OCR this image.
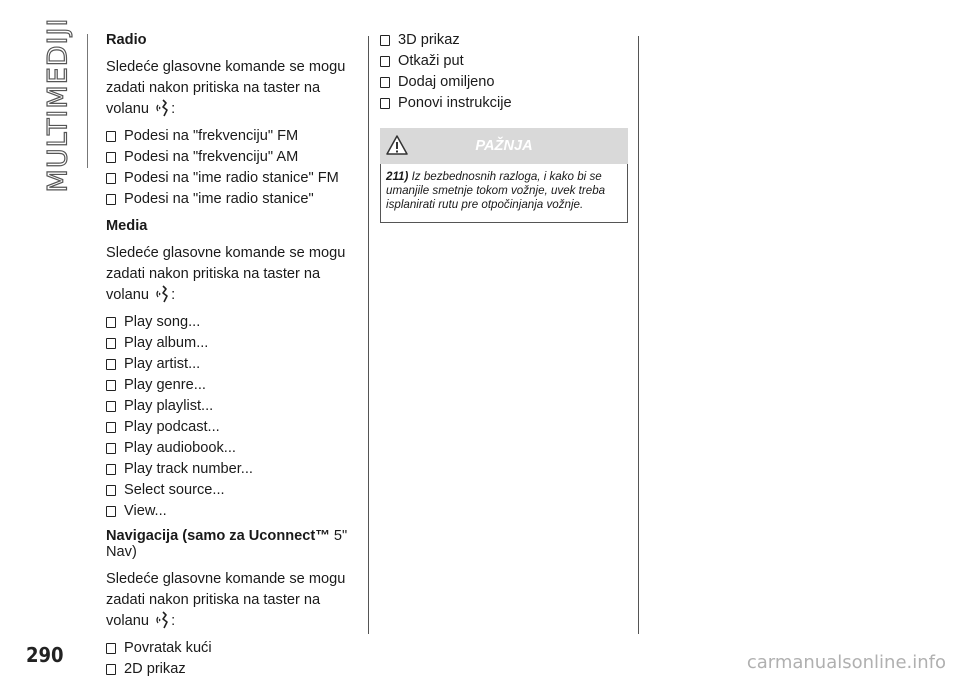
MULTIMEDIJI Radio

Sledeće glasovne komande se mogu zadati nakon pritiska na taster na volanu :

Podesi na "frekvenciju" FM
Podesi na "frekvenciju" AM
Podesi na "ime radio stanice" FM
Podesi na "ime radio stanice"
Media

Sledeće glasovne komande se mogu zadati nakon pritiska na taster na volanu :

Play song...
Play album...
Play artist...
Play genre...
Play playlist...
Play podcast...
Play audiobook...
Play track number...
Select source...
View...
Navigacija (samo za Uconnect™ 5" Nav)

Sledeće glasovne komande se mogu zadati nakon pritiska na taster na volanu :

Povratak kući
2D prikaz
3D prikaz
Otkaži put
Dodaj omiljeno
Ponovi instrukcije
PAŽNJA
211) Iz bezbednosnih razloga, i kako bi se umanjile smetnje tokom vožnje, uvek treba isplanirati rutu pre otpočinjanja vožnje.
290	carmanualsonline.info
